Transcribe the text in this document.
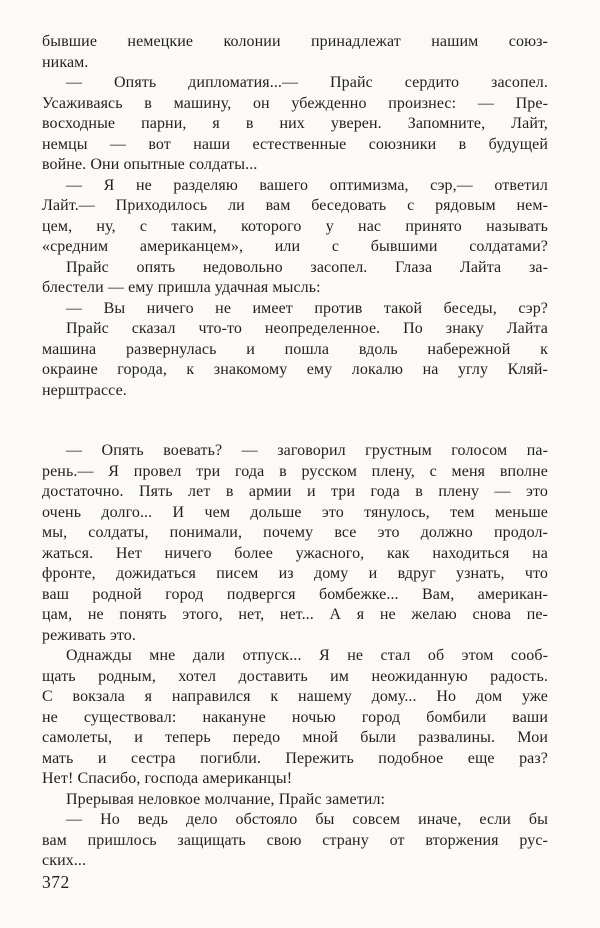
бывшие немецкие колонии принадлежат нашим союз-
никам.
— Опять дипломатия...— Прайс сердито засопел.
Усаживаясь в машину, он убежденно произнес: — Пре-
восходные парни, я в них уверен. Запомните, Лайт,
немцы — вот наши естественные союзники в будущей
войне. Они опытные солдаты...
— Я не разделяю вашего оптимизма, сэр,— ответил
Лайт.— Приходилось ли вам беседовать с рядовым нем-
цем, ну, с таким, которого у нас принято называть
«средним американцем», или с бывшими солдатами?
Прайс опять недовольно засопел. Глаза Лайта за-
блестели — ему пришла удачная мысль:
— Вы ничего не имеет против такой беседы, сэр?
Прайс сказал что-то неопределенное. По знаку Лайта
машина развернулась и пошла вдоль набережной к
окраине города, к знакомому ему локалю на углу Кляй-
нерштрассе.
— Опять воевать? — заговорил грустным голосом па-
рень.— Я провел три года в русском плену, с меня вполне
достаточно. Пять лет в армии и три года в плену — это
очень долго... И чем дольше это тянулось, тем меньше
мы, солдаты, понимали, почему все это должно продол-
жаться. Нет ничего более ужасного, как находиться на
фронте, дожидаться писем из дому и вдруг узнать, что
ваш родной город подвергся бомбежке... Вам, американ-
цам, не понять этого, нет, нет... А я не желаю снова пе-
реживать это.
Однажды мне дали отпуск... Я не стал об этом сооб-
щать родным, хотел доставить им неожиданную радость.
С вокзала я направился к нашему дому... Но дом уже
не существовал: накануне ночью город бомбили ваши
самолеты, и теперь передо мной были развалины. Мои
мать и сестра погибли. Пережить подобное еще раз?
Нет! Спасибо, господа американцы!
Прерывая неловкое молчание, Прайс заметил:
— Но ведь дело обстояло бы совсем иначе, если бы
вам пришлось защищать свою страну от вторжения рус-
ских...
372
